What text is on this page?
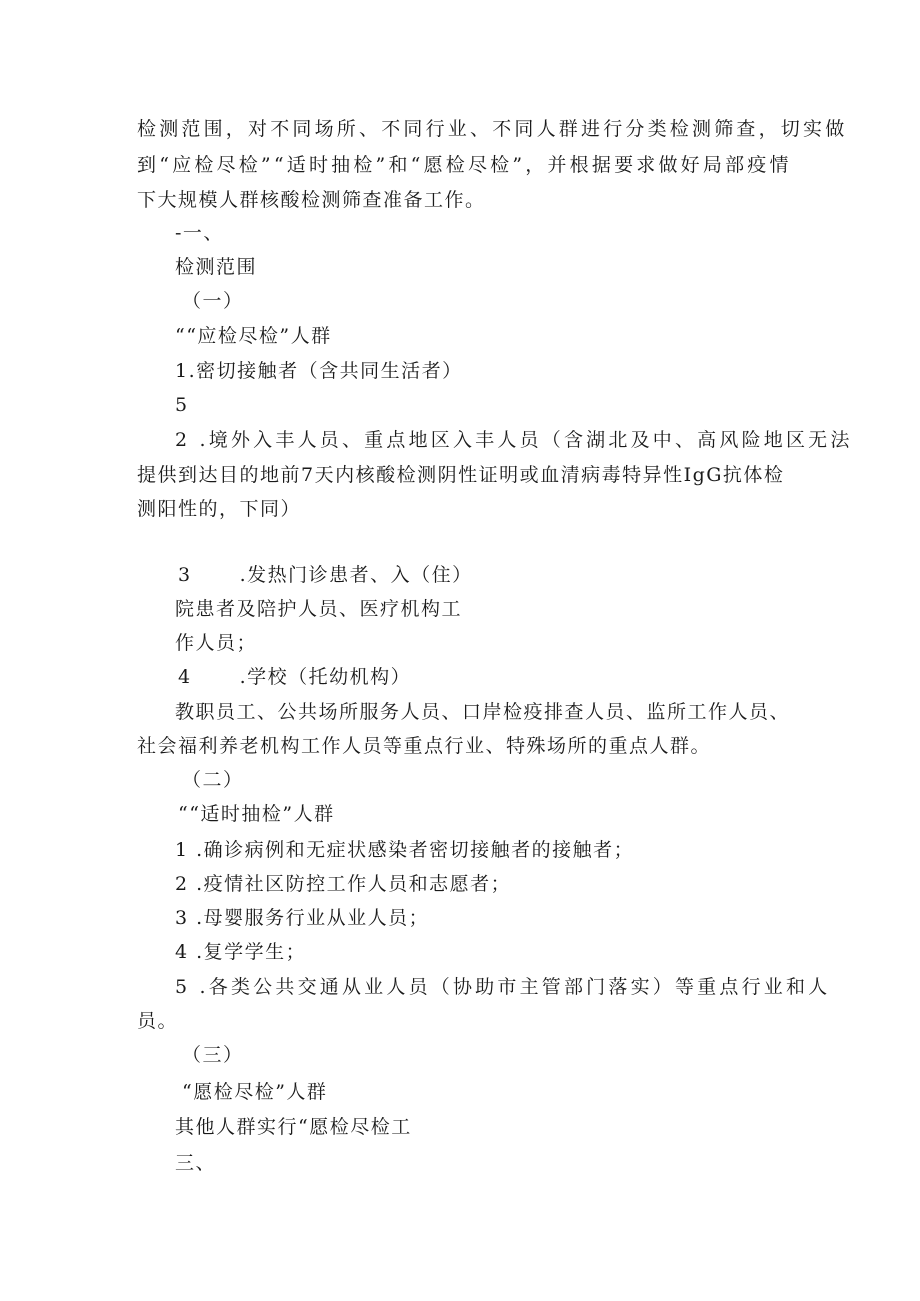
检测范围，对不同场所、不同行业、不同人群进行分类检测筛查，切实做

到“应检尽检”“适时抽检”和“愿检尽检”，并根据要求做好局部疫情

下大规模人群核酸检测筛查准备工作。

-一、

检测范围

（一）

““应检尽检”人群

1.密切接触者（含共同生活者）

5

2 .境外入丰人员、重点地区入丰人员（含湖北及中、高风险地区无法

提供到达目的地前7天内核酸检测阴性证明或血清病毒特异性IgG抗体检

测阳性的，下同）

3	.发热门诊患者、入（住）

院患者及陪护人员、医疗机构工

作人员；

4	.学校（托幼机构）

教职员工、公共场所服务人员、口岸检疫排查人员、监所工作人员、

社会福利养老机构工作人员等重点行业、特殊场所的重点人群。

（二）

““适时抽检”人群

1 .确诊病例和无症状感染者密切接触者的接触者；

2 .疫情社区防控工作人员和志愿者；

3 .母婴服务行业从业人员；

4 .复学学生；

5 .各类公共交通从业人员（协助市主管部门落实）等重点行业和人

员。

（三）

“愿检尽检”人群

其他人群实行“愿检尽检工

三、
